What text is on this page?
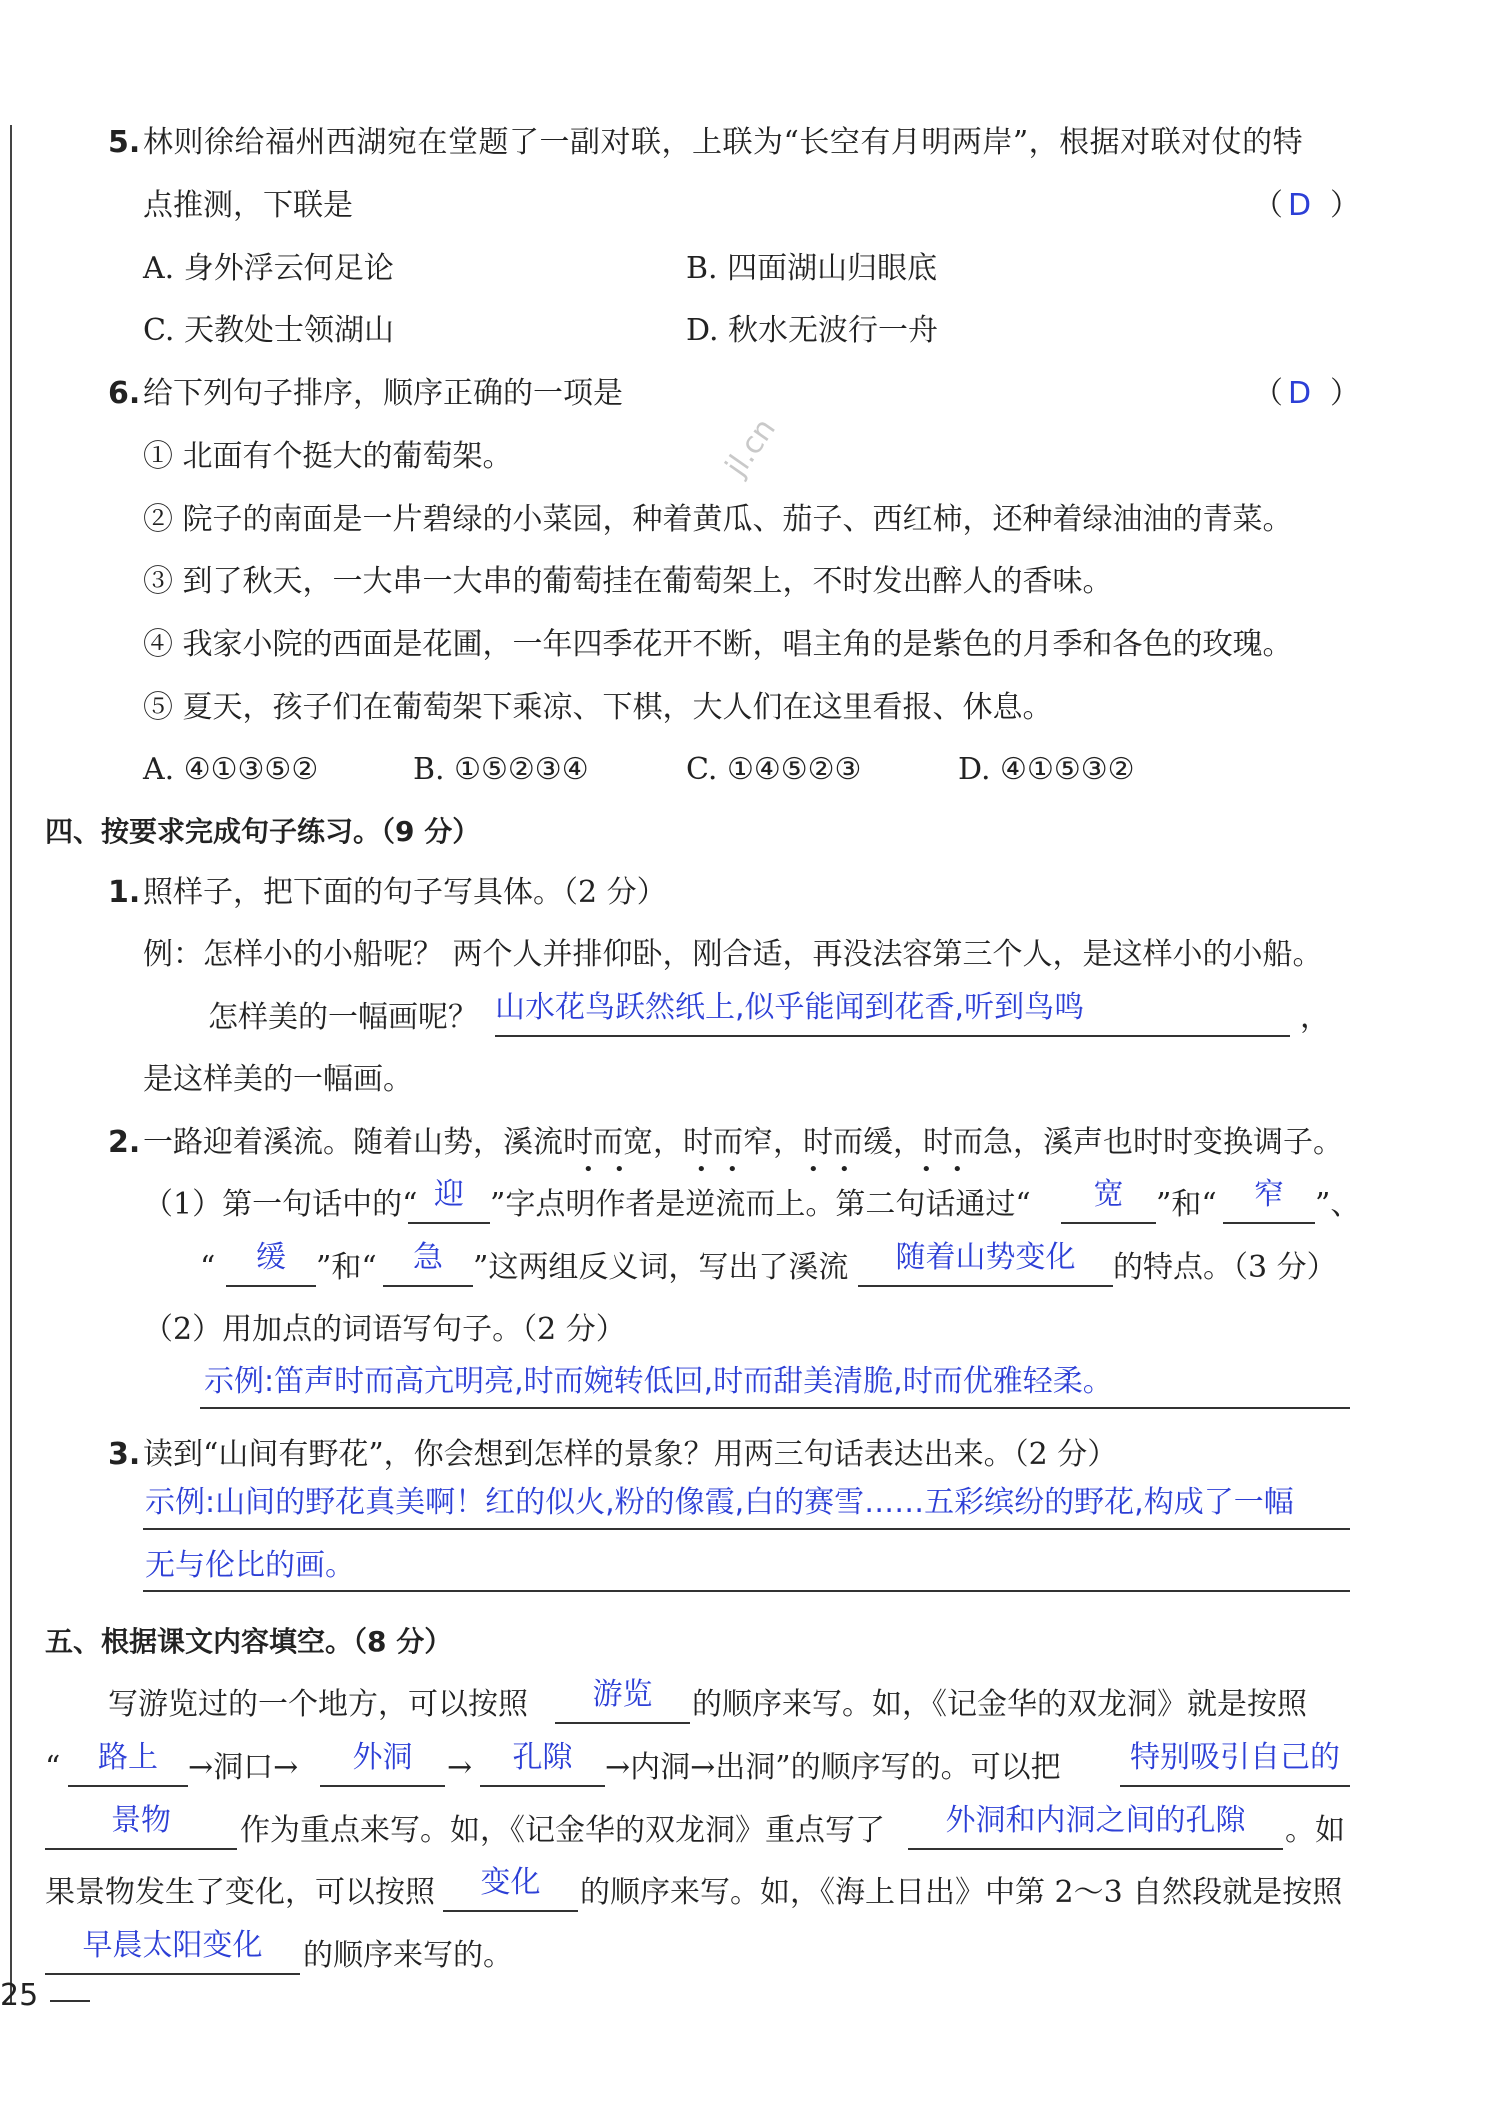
jl.cn
5. 林则徐给福州西湖宛在堂题了一副对联，上联为“长空有月明两岸”，根据对联对仗的特
点推测，下联是	（ D ）
A. 身外浮云何足论	B. 四面湖山归眼底
C. 天教处士领湖山	D. 秋水无波行一舟
6. 给下列句子排序，顺序正确的一项是	（ D ）
① 北面有个挺大的葡萄架。
② 院子的南面是一片碧绿的小菜园，种着黄瓜、茄子、西红柿，还种着绿油油的青菜。
③ 到了秋天，一大串一大串的葡萄挂在葡萄架上，不时发出醉人的香味。
④ 我家小院的西面是花圃，一年四季花开不断，唱主角的是紫色的月季和各色的玫瑰。
⑤ 夏天，孩子们在葡萄架下乘凉、下棋，大人们在这里看报、休息。
A. ④①③⑤②	B. ①⑤②③④	C. ①④⑤②③	D. ④①⑤③②
四、按要求完成句子练习。（9 分）
1. 照样子，把下面的句子写具体。（2 分）
例：怎样小的小船呢？ 两个人并排仰卧，刚合适，再没法容第三个人，是这样小的小船。
怎样美的一幅画呢？ 山水花鸟跃然纸上,似乎能闻到花香,听到鸟鸣	，
是这样美的一幅画。
2. 一路迎着溪流。随着山势，溪流时而宽，时而窄，时而缓，时而急，溪声也时时变换调子。
• •	• •	• •	• •
（1）第一句话中的“ 迎 ”字点明作者是逆流而上。第二句话通过“	宽	”和“	窄	”、
“	缓	”和“	急	”这两组反义词，写出了溪流	随着山势变化	的特点。（3 分）
（2）用加点的词语写句子。（2 分）
示例:笛声时而高亢明亮,时而婉转低回,时而甜美清脆,时而优雅轻柔。
3. 读到“山间有野花”，你会想到怎样的景象？用两三句话表达出来。（2 分）
示例:山间的野花真美啊！红的似火,粉的像霞,白的赛雪……五彩缤纷的野花,构成了一幅
无与伦比的画。
五、根据课文内容填空。（8 分）
写游览过的一个地方，可以按照	游览	的顺序来写。如，《记金华的双龙洞》就是按照
“	路上	→洞口→	外洞	→	孔隙	→内洞→出洞”的顺序写的。可以把	特别吸引自己的
景物	作为重点来写。如，《记金华的双龙洞》重点写了	外洞和内洞之间的孔隙	。如
果景物发生了变化，可以按照	变化	的顺序来写。如，《海上日出》中第 2～3 自然段就是按照
早晨太阳变化	的顺序来写的。
25
